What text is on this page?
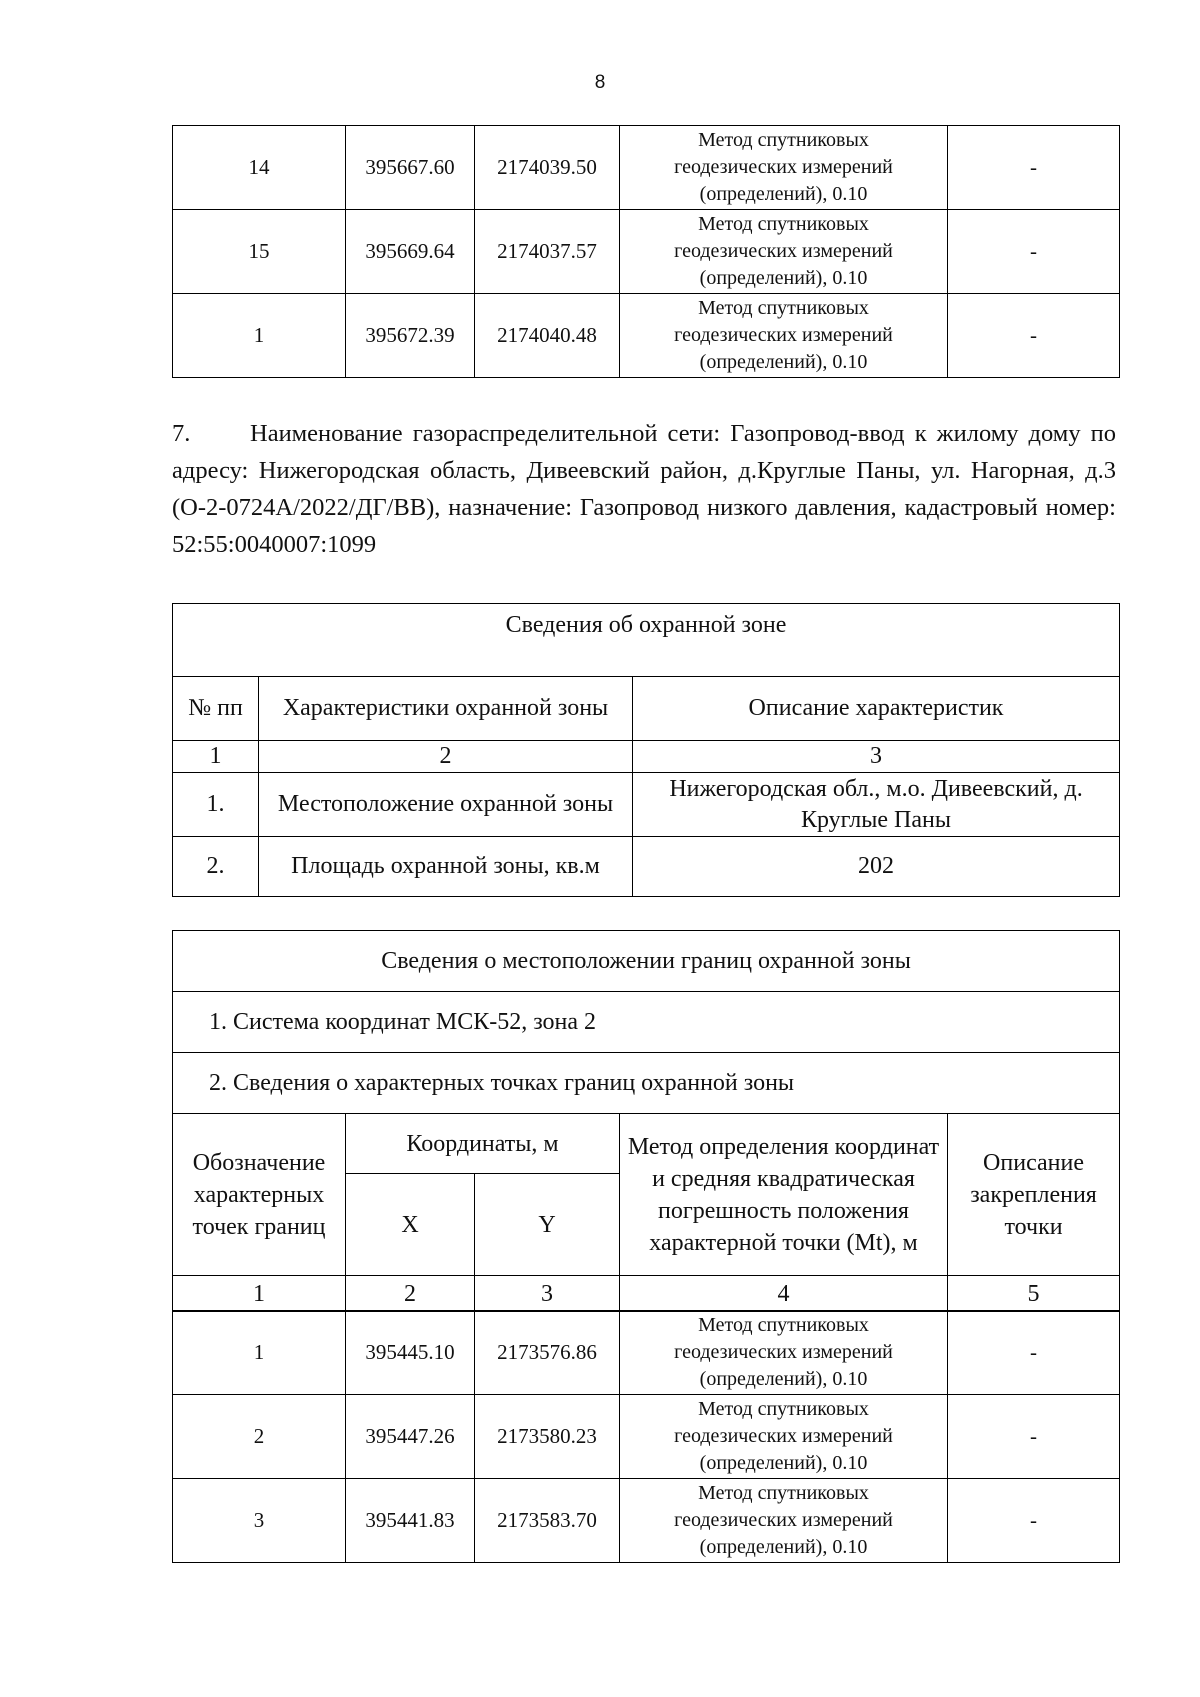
8
14	395667.60	2174039.50	Метод спутниковых
геодезических измерений
(определений), 0.10	-
15	395669.64	2174037.57	Метод спутниковых
геодезических измерений
(определений), 0.10	-
1	395672.39	2174040.48	Метод спутниковых
геодезических измерений
(определений), 0.10	-
7. Наименование газораспределительной сети: Газопровод-ввод к жилому дому по адресу: Нижегородская область, Дивеевский район, д.Круглые Паны, ул. Нагорная, д.3 (О-2-0724А/2022/ДГ/ВВ), назначение: Газопровод низкого давления, кадастровый номер: 52:55:0040007:1099
Сведения об охранной зоне		
№ пп	Характеристики охранной зоны	Описание характеристик
1	2	3
1.	Местоположение охранной зоны	Нижегородская обл., м.о. Дивеевский, д. Круглые Паны
2.	Площадь охранной зоны, кв.м	202
Сведения о местоположении границ охранной зоны				
1. Система координат МСК-52, зона 2				
2. Сведения о характерных точках границ охранной зоны				
Обозначение характерных точек границ	Координаты, м		Метод определения координат и средняя квадратическая погрешность положения характерной точки (Mt), м	Описание закрепления точки
	X	Y		
1	2	3	4	5
1	395445.10	2173576.86	Метод спутниковых
геодезических измерений
(определений), 0.10	-
2	395447.26	2173580.23	Метод спутниковых
геодезических измерений
(определений), 0.10	-
3	395441.83	2173583.70	Метод спутниковых
геодезических измерений
(определений), 0.10	-
